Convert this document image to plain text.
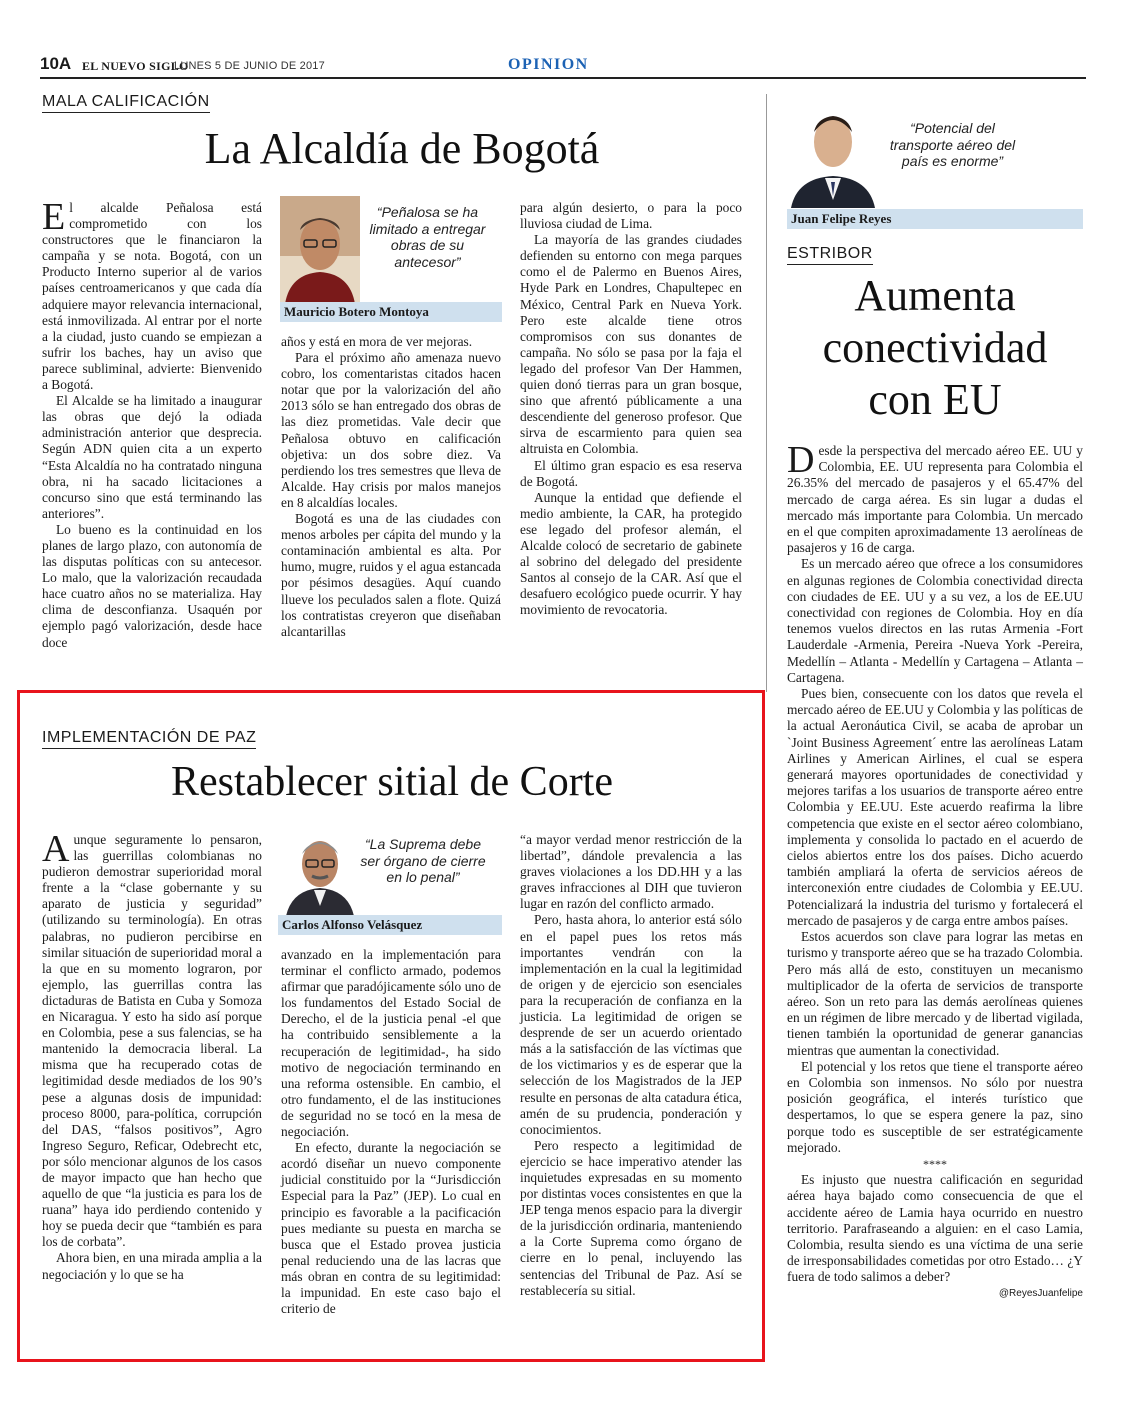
10A EL NUEVO SIGLO
LUNES 5 DE JUNIO DE 2017	OPINION
MALA CALIFICACIÓN
La Alcaldía de Bogotá

El alcalde Peñalosa está comprometido con los constructores que le financiaron la campaña y se nota. Bogotá, con un Producto Interno superior al de varios países centroamericanos y que cada día adquiere mayor relevancia internacional, está inmovilizada. Al entrar por el norte a la ciudad, justo cuando se empiezan a sufrir los baches, hay un aviso que parece subliminal, advierte: Bienvenido a Bogotá.

El Alcalde se ha limitado a inaugurar las obras que dejó la odiada administración anterior que desprecia. Según ADN quien cita a un experto “Esta Alcaldía no ha contratado ninguna obra, ni ha sacado licitaciones a concurso sino que está terminando las anteriores”.

Lo bueno es la continuidad en los planes de largo plazo, con autonomía de las disputas políticas con su antecesor. Lo malo, que la valorización recaudada hace cuatro años no se materializa. Hay clima de desconfianza. Usaquén por ejemplo pagó valorización, desde hace doce

“Peñalosa se ha limitado a entregar obras de su antecesor”
Mauricio Botero Montoya

años y está en mora de ver mejoras.

Para el próximo año amenaza nuevo cobro, los comentaristas citados hacen notar que por la valorización del año 2013 sólo se han entregado dos obras de las diez prometidas. Vale decir que Peñalosa obtuvo en calificación objetiva: un dos sobre diez. Va perdiendo los tres semestres que lleva de Alcalde. Hay crisis por malos manejos en 8 alcaldías locales.

Bogotá es una de las ciudades con menos arboles per cápita del mundo y la contaminación ambiental es alta. Por humo, mugre, ruidos y el agua estancada por pésimos desagües. Aquí cuando llueve los peculados salen a flote. Quizá los contratistas creyeron que diseñaban alcantarillas

para algún desierto, o para la poco lluviosa ciudad de Lima.

La mayoría de las grandes ciudades defienden su entorno con mega parques como el de Palermo en Buenos Aires, Hyde Park en Londres, Chapultepec en México, Central Park en Nueva York. Pero este alcalde tiene otros compromisos con sus donantes de campaña. No sólo se pasa por la faja el legado del profesor Van Der Hammen, quien donó tierras para un gran bosque, sino que afrentó públicamente a una descendiente del generoso profesor. Que sirva de escarmiento para quien sea altruista en Colombia.

El último gran espacio es esa reserva de Bogotá.

Aunque la entidad que defiende el medio ambiente, la CAR, ha protegido ese legado del profesor alemán, el Alcalde colocó de secretario de gabinete al sobrino del delegado del presidente Santos al consejo de la CAR. Así que el desafuero ecológico puede ocurrir. Y hay movimiento de revocatoria.

IMPLEMENTACIÓN DE PAZ
Restablecer sitial de Corte

Aunque seguramente lo pensaron, las guerrillas colombianas no pudieron demostrar superioridad moral frente a la “clase gobernante y su aparato de justicia y seguridad” (utilizando su terminología). En otras palabras, no pudieron percibirse en similar situación de superioridad moral a la que en su momento lograron, por ejemplo, las guerrillas contra las dictaduras de Batista en Cuba y Somoza en Nicaragua. Y esto ha sido así porque en Colombia, pese a sus falencias, se ha mantenido la democracia liberal. La misma que ha recuperado cotas de legitimidad desde mediados de los 90’s pese a algunas dosis de impunidad: proceso 8000, para-política, corrupción del DAS, “falsos positivos”, Agro Ingreso Seguro, Reficar, Odebrecht etc, por sólo mencionar algunos de los casos de mayor impacto que han hecho que aquello de que “la justicia es para los de ruana” haya ido perdiendo contenido y hoy se pueda decir que “también es para los de corbata”.

Ahora bien, en una mirada amplia a la negociación y lo que se ha

“La Suprema debe ser órgano de cierre en lo penal”
Carlos Alfonso Velásquez

avanzado en la implementación para terminar el conflicto armado, podemos afirmar que paradójicamente sólo uno de los fundamentos del Estado Social de Derecho, el de la justicia penal -el que ha contribuido sensiblemente a la recuperación de legitimidad-, ha sido motivo de negociación terminando en una reforma ostensible. En cambio, el otro fundamento, el de las instituciones de seguridad no se tocó en la mesa de negociación.

En efecto, durante la negociación se acordó diseñar un nuevo componente judicial constituido por la “Jurisdicción Especial para la Paz” (JEP). Lo cual en principio es favorable a la pacificación pues mediante su puesta en marcha se busca que el Estado provea justicia penal reduciendo una de las lacras que más obran en contra de su legitimidad: la impunidad. En este caso bajo el criterio de

“a mayor verdad menor restricción de la libertad”, dándole prevalencia a las graves violaciones a los DD.HH y a las graves infracciones al DIH que tuvieron lugar en razón del conflicto armado.

Pero, hasta ahora, lo anterior está sólo en el papel pues los retos más importantes vendrán con la implementación en la cual la legitimidad de origen y de ejercicio son esenciales para la recuperación de confianza en la justicia. La legitimidad de origen se desprende de ser un acuerdo orientado más a la satisfacción de las víctimas que de los victimarios y es de esperar que la selección de los Magistrados de la JEP resulte en personas de alta catadura ética, amén de su prudencia, ponderación y conocimientos.

Pero respecto a legitimidad de ejercicio se hace imperativo atender las inquietudes expresadas en su momento por distintas voces consistentes en que la JEP tenga menos espacio para la divergir de la jurisdicción ordinaria, manteniendo a la Corte Suprema como órgano de cierre en lo penal, incluyendo las sentencias del Tribunal de Paz. Así se restablecería su sitial.

“Potencial del transporte aéreo del país es enorme”
Juan Felipe Reyes
ESTRIBOR
Aumenta
conectividad
con EU

Desde la perspectiva del mercado aéreo EE. UU y Colombia, EE. UU representa para Colombia el 26.35% del mercado de pasajeros y el 65.47% del mercado de carga aérea. Es sin lugar a dudas el mercado más importante para Colombia. Un mercado en el que compiten aproximadamente 13 aerolíneas de pasajeros y 16 de carga.

Es un mercado aéreo que ofrece a los consumidores en algunas regiones de Colombia conectividad directa con ciudades de EE. UU y a su vez, a los de EE.UU conectividad con regiones de Colombia. Hoy en día tenemos vuelos directos en las rutas Armenia -Fort Lauderdale -Armenia, Pereira -Nueva York -Pereira, Medellín – Atlanta - Medellín y Cartagena – Atlanta – Cartagena.

Pues bien, consecuente con los datos que revela el mercado aéreo de EE.UU y Colombia y las políticas de la actual Aeronáutica Civil, se acaba de aprobar un `Joint Business Agreement´ entre las aerolíneas Latam Airlines y American Airlines, el cual se espera generará mayores oportunidades de conectividad y mejores tarifas a los usuarios de transporte aéreo entre Colombia y EE.UU. Este acuerdo reafirma la libre competencia que existe en el sector aéreo colombiano, implementa y consolida lo pactado en el acuerdo de cielos abiertos entre los dos países. Dicho acuerdo también ampliará la oferta de servicios aéreos de interconexión entre ciudades de Colombia y EE.UU. Potencializará la industria del turismo y fortalecerá el mercado de pasajeros y de carga entre ambos países.

Estos acuerdos son clave para lograr las metas en turismo y transporte aéreo que se ha trazado Colombia. Pero más allá de esto, constituyen un mecanismo multiplicador de la oferta de servicios de transporte aéreo. Son un reto para las demás aerolíneas quienes en un régimen de libre mercado y de libertad vigilada, tienen también la oportunidad de generar ganancias mientras que aumentan la conectividad.

El potencial y los retos que tiene el transporte aéreo en Colombia son inmensos. No sólo por nuestra posición geográfica, el interés turístico que despertamos, lo que se espera genere la paz, sino porque todo es susceptible de ser estratégicamente mejorado.

****

Es injusto que nuestra calificación en seguridad aérea haya bajado como consecuencia de que el accidente aéreo de Lamia haya ocurrido en nuestro territorio. Parafraseando a alguien: en el caso Lamia, Colombia, resulta siendo es una víctima de una serie de irresponsabilidades cometidas por otro Estado… ¿Y fuera de todo salimos a deber?

@ReyesJuanfelipe
